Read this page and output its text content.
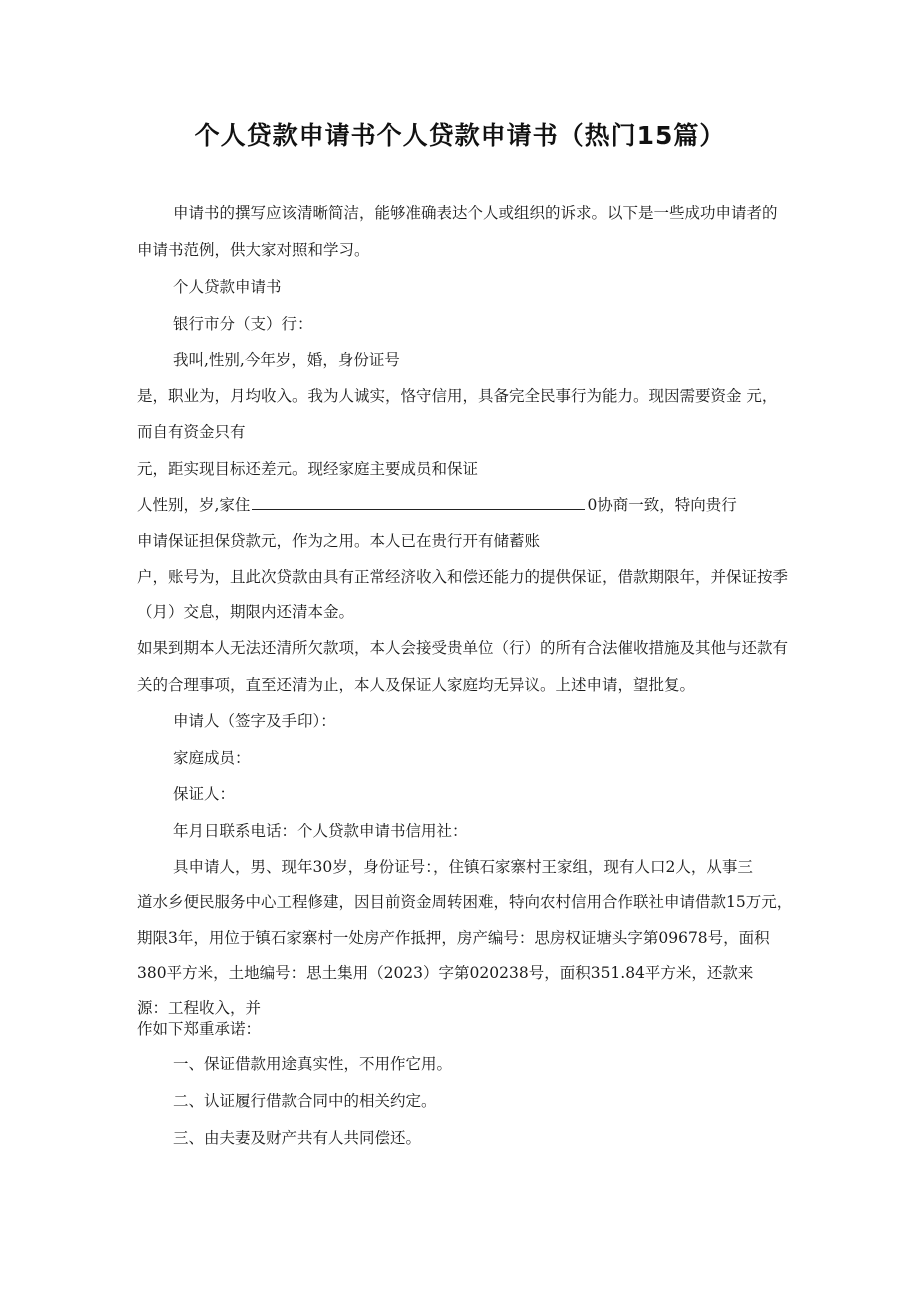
个人贷款申请书个人贷款申请书（热门15篇）
申请书的撰写应该清晰简洁，能够准确表达个人或组织的诉求。以下是一些成功申请者的
申请书范例，供大家对照和学习。
个人贷款申请书
银行市分（支）行：
我叫,性别,今年岁，婚，身份证号
是，职业为，月均收入。我为人诚实，恪守信用，具备完全民事行为能力。现因需要资金 元，
而自有资金只有
元，距实现目标还差元。现经家庭主要成员和保证
人性别，岁,家住	0协商一致，特向贵行
申请保证担保贷款元，作为之用。本人已在贵行开有储蓄账
户，账号为，且此次贷款由具有正常经济收入和偿还能力的提供保证，借款期限年，并保证按季
（月）交息，期限内还清本金。
如果到期本人无法还清所欠款项，本人会接受贵单位（行）的所有合法催收措施及其他与还款有
关的合理事项，直至还清为止，本人及保证人家庭均无异议。上述申请，望批复。
申请人（签字及手印）：
家庭成员：
保证人：
年月日联系电话：个人贷款申请书信用社：
具申请人，男、现年30岁，身份证号：，住镇石家寨村王家组，现有人口2人，从事三
道水乡便民服务中心工程修建，因目前资金周转困难，特向农村信用合作联社申请借款15万元，
期限3年，用位于镇石家寨村一处房产作抵押，房产编号：思房权证塘头字第09678号，面积
380平方米，土地编号：思土集用（2023）字第020238号，面积351.84平方米，还款来
源：工程收入，并
作如下郑重承诺：
一、保证借款用途真实性，不用作它用。
二、认证履行借款合同中的相关约定。
三、由夫妻及财产共有人共同偿还。
